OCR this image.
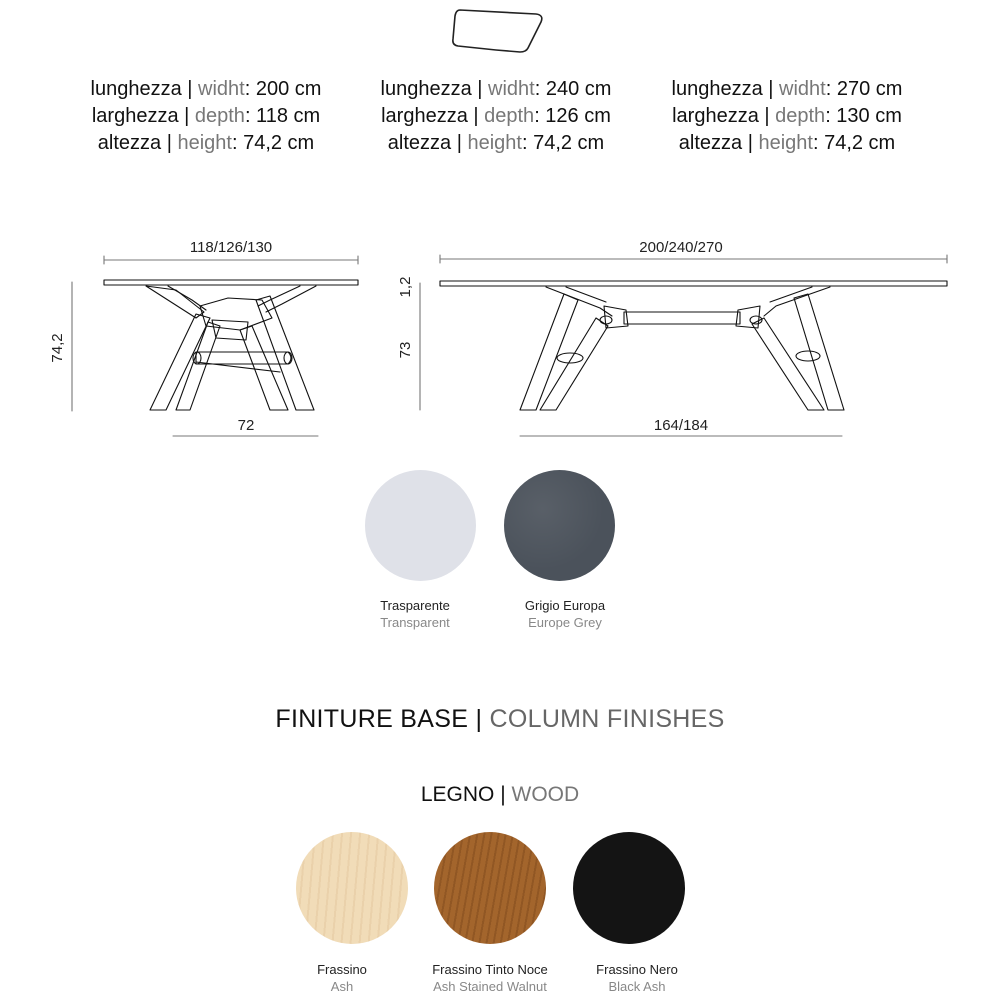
lunghezza | widht: 200 cm
larghezza | depth: 118 cm
altezza | height: 74,2 cm
lunghezza | widht: 240 cm
larghezza | depth: 126 cm
altezza | height: 74,2 cm
lunghezza | widht: 270 cm
larghezza | depth: 130 cm
altezza | height: 74,2 cm
118/126/130
72
74,2
200/240/270
164/184
1,2
73
Trasparente
Transparent
Grigio Europa
Europe Grey
FINITURE BASE | COLUMN FINISHES
LEGNO | WOOD
Frassino
Ash
Frassino Tinto Noce
Ash Stained Walnut
Frassino Nero
Black Ash
